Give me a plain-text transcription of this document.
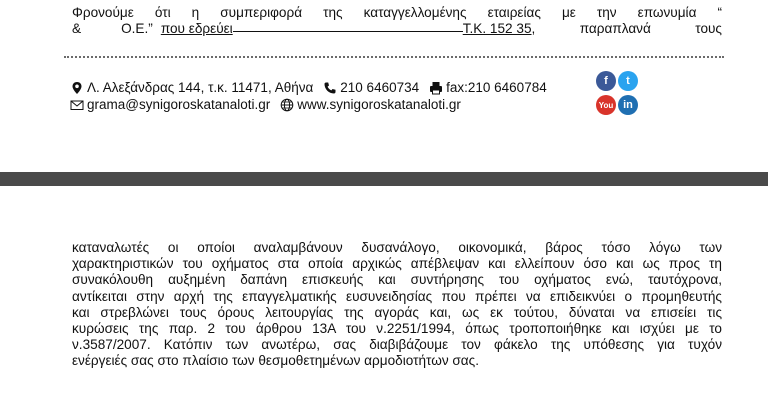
Φρονούμε ότι η συμπεριφορά της καταγγελλομένης εταιρείας με την επωνυμία “
&	Ο.Ε.” που εδρεύει	Τ.Κ. 152 35 , παραπλανά τους
Λ. Αλεξάνδρας 144, τ.κ. 11471, Αθήνα 210 6460734 fax:210 6460784
grama@synigoroskatanaloti.gr www.synigoroskatanaloti.gr
f	t
You in

καταναλωτές οι οποίοι αναλαμβάνουν δυσανάλογο, οικονομικά, βάρος τόσο λόγω των

χαρακτηριστικών του οχήματος στα οποία αρχικώς απέβλεψαν και ελλείπουν όσο και ως προς τη

συνακόλουθη αυξημένη δαπάνη επισκευής και συντήρησης του οχήματος ενώ, ταυτόχρονα,

αντίκειται στην αρχή της επαγγελματικής ευσυνειδησίας που πρέπει να επιδεικνύει ο προμηθευτής

και στρεβλώνει τους όρους λειτουργίας της αγοράς και, ως εκ τούτου, δύναται να επισείει τις

κυρώσεις της παρ. 2 του άρθρου 13Α του ν.2251/1994, όπως τροποποιήθηκε και ισχύει με το

ν.3587/2007. Κατόπιν των ανωτέρω, σας διαβιβάζουμε τον φάκελο της υπόθεσης για τυχόν

ενέργειές σας στο πλαίσιο των θεσμοθετημένων αρμοδιοτήτων σας.
